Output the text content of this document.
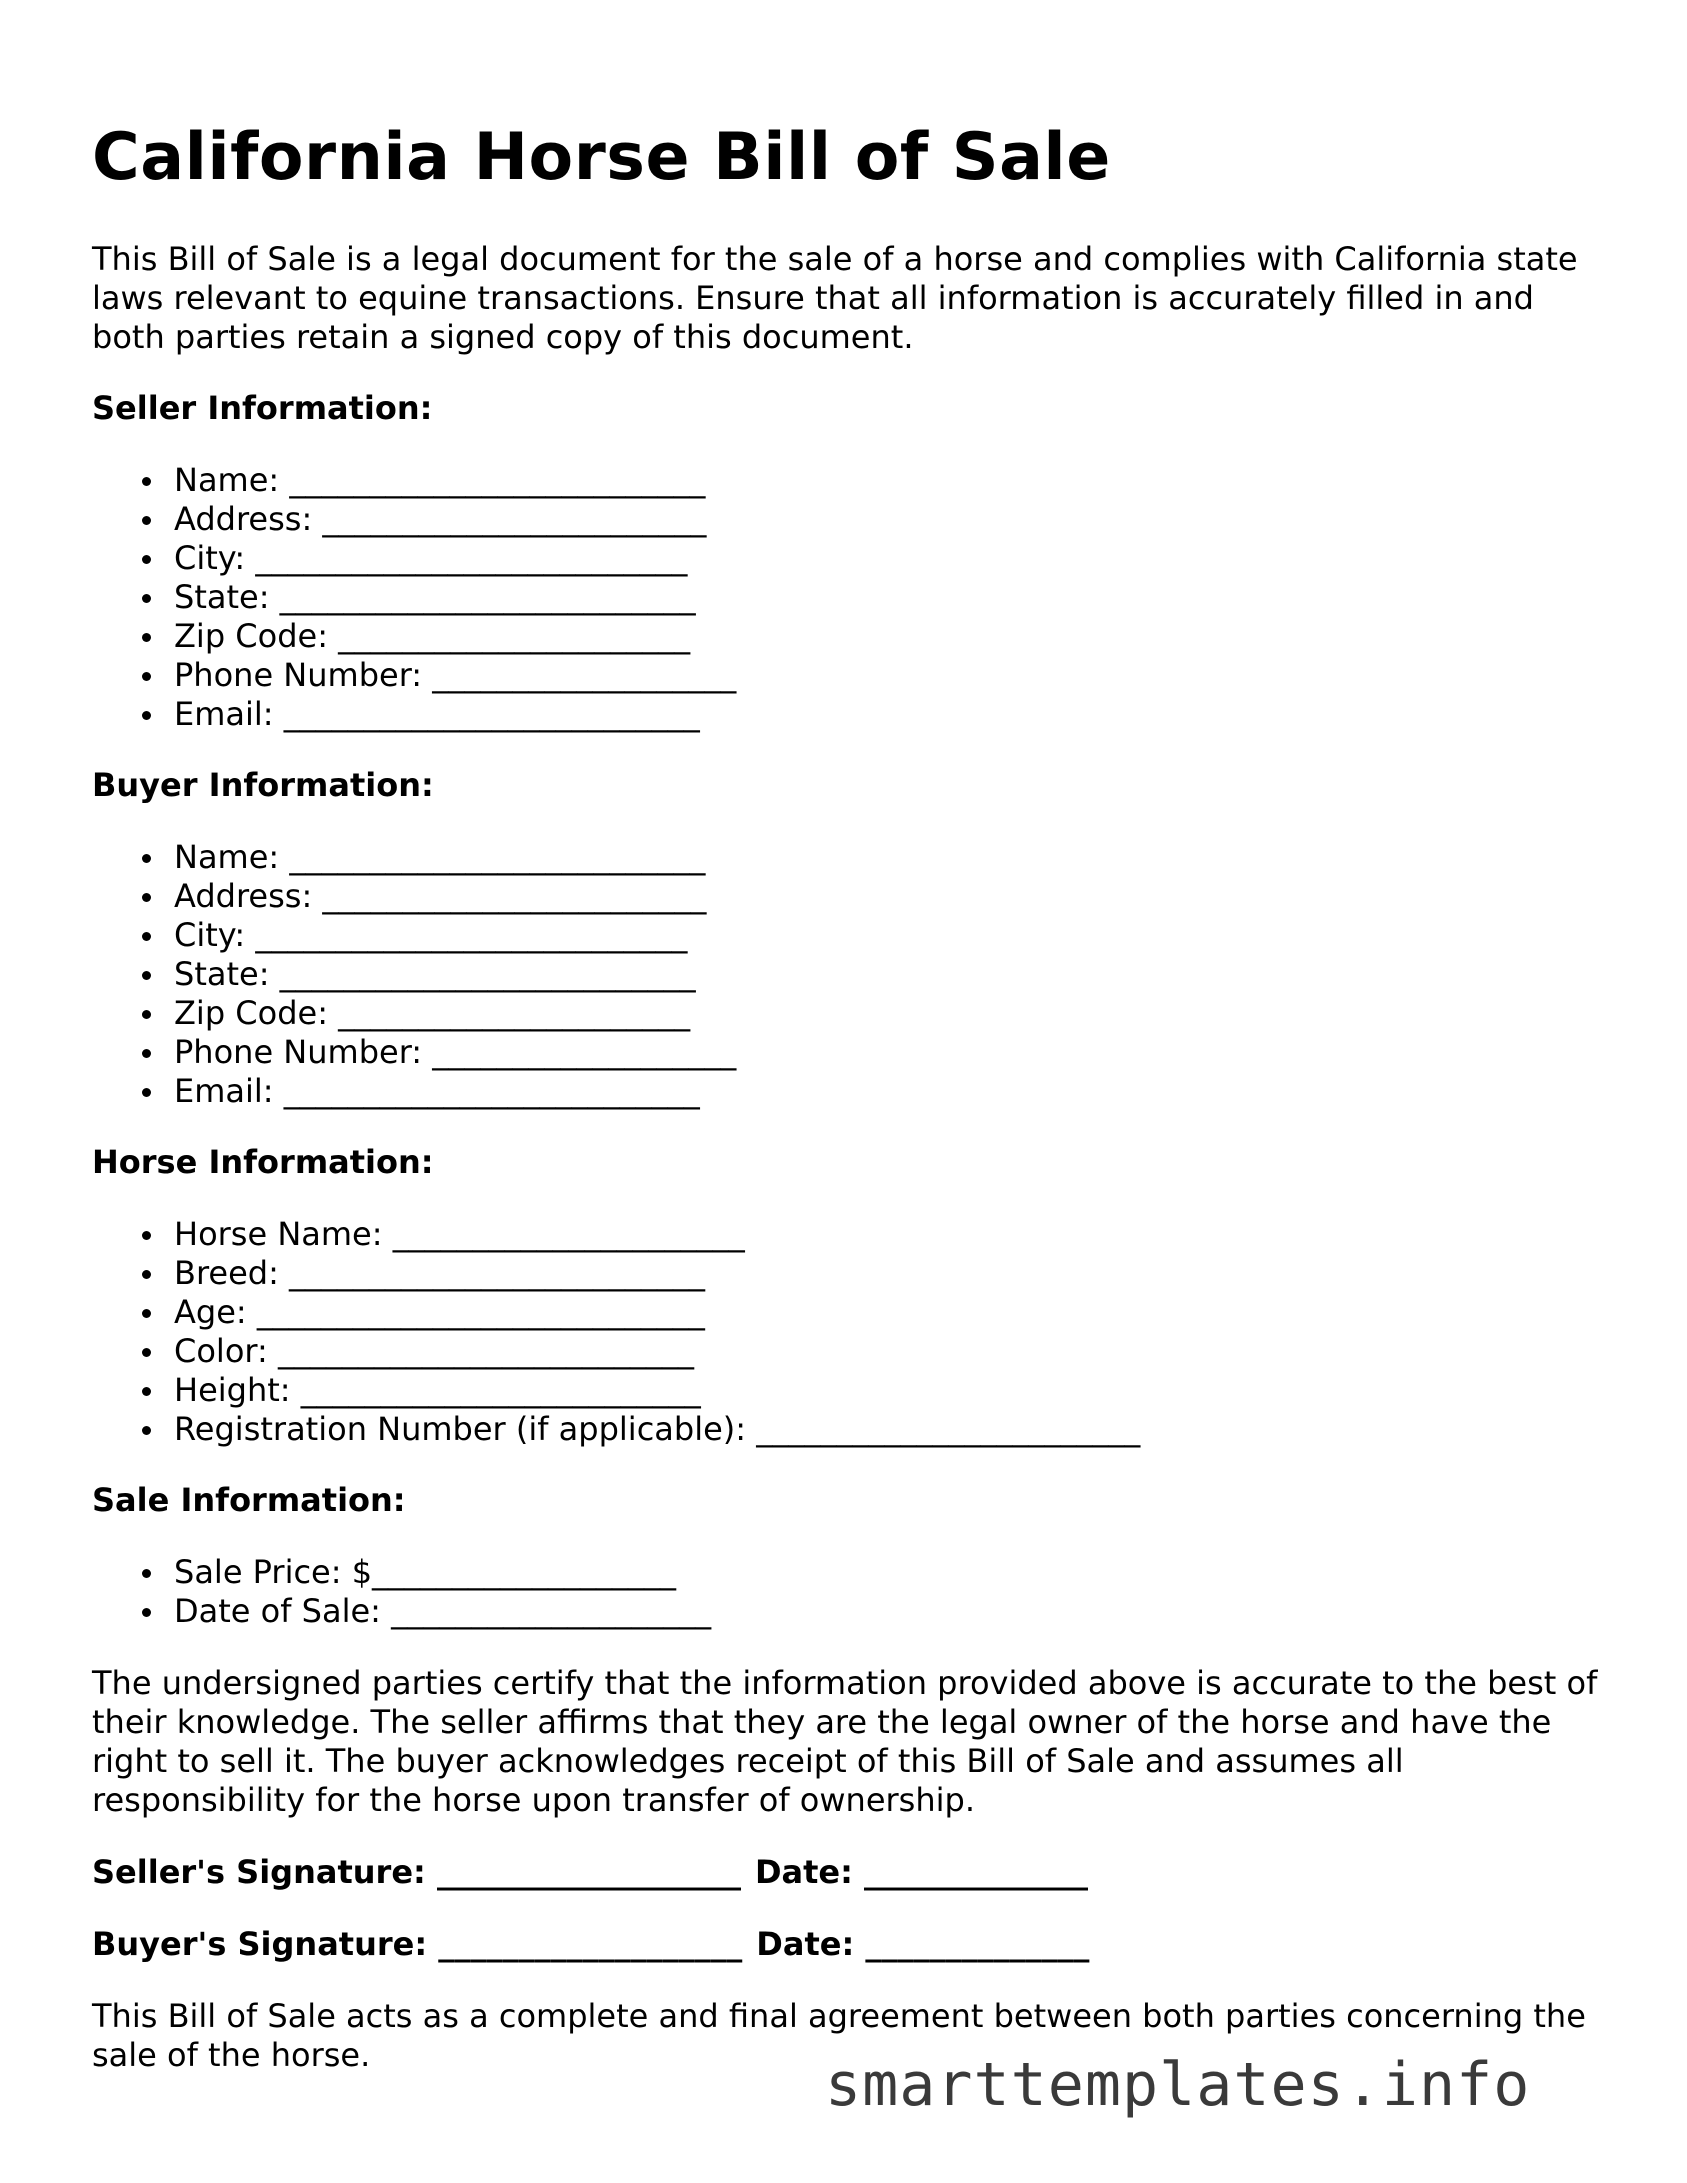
California Horse Bill of Sale

This Bill of Sale is a legal document for the sale of a horse and complies with California state laws relevant to equine transactions. Ensure that all information is accurately filled in and both parties retain a signed copy of this document.

Seller Information:
Name: __________________________
Address: ________________________
City: ___________________________
State: __________________________
Zip Code: ______________________
Phone Number: ___________________
Email: __________________________
Buyer Information:
Name: __________________________
Address: ________________________
City: ___________________________
State: __________________________
Zip Code: ______________________
Phone Number: ___________________
Email: __________________________
Horse Information:
Horse Name: ______________________
Breed: __________________________
Age: ____________________________
Color: __________________________
Height: _________________________
Registration Number (if applicable): ________________________
Sale Information:
Sale Price: $___________________
Date of Sale: ____________________

The undersigned parties certify that the information provided above is accurate to the best of their knowledge. The seller affirms that they are the legal owner of the horse and have the right to sell it. The buyer acknowledges receipt of this Bill of Sale and assumes all responsibility for the horse upon transfer of ownership.

Seller's Signature: ___________________ Date: ______________
Buyer's Signature: ___________________ Date: ______________

This Bill of Sale acts as a complete and final agreement between both parties concerning the sale of the horse.	smarttemplates.info
